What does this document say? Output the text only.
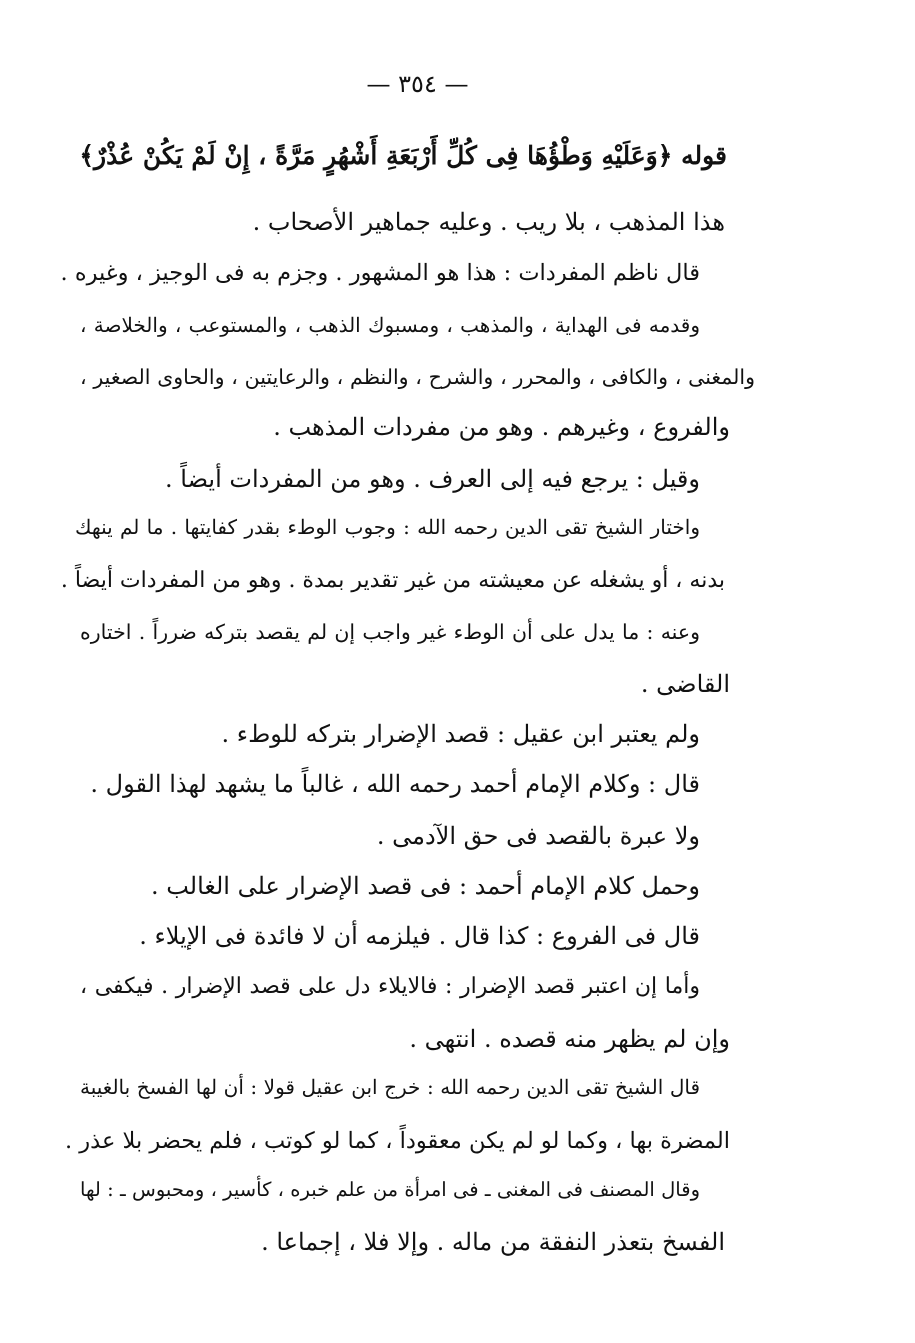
— ٣٥٤ —
قوله ﴿وَعَلَيْهِ وَطْؤُهَا فِى كُلِّ أَرْبَعَةِ أَشْهُرٍ مَرَّةً ، إِنْ لَمْ يَكُنْ عُذْرٌ﴾
هذا المذهب ، بلا ريب . وعليه جماهير الأصحاب .
قال ناظم المفردات : هذا هو المشهور . وجزم به فى الوجيز ، وغيره .
وقدمه فى الهداية ، والمذهب ، ومسبوك الذهب ، والمستوعب ، والخلاصة ،
والمغنى ، والكافى ، والمحرر ، والشرح ، والنظم ، والرعايتين ، والحاوى الصغير ،
والفروع ، وغيرهم . وهو من مفردات المذهب .
وقيل : يرجع فيه إلى العرف . وهو من المفردات أيضاً .
واختار الشيخ تقى الدين رحمه الله : وجوب الوطء بقدر كفايتها . ما لم ينهك
بدنه ، أو يشغله عن معيشته من غير تقدير بمدة . وهو من المفردات أيضاً .
وعنه : ما يدل على أن الوطء غير واجب إن لم يقصد بتركه ضرراً . اختاره
القاضى .
ولم يعتبر ابن عقيل : قصد الإضرار بتركه للوطء .
قال : وكلام الإمام أحمد رحمه الله ، غالباً ما يشهد لهذا القول .
ولا عبرة بالقصد فى حق الآدمى .
وحمل كلام الإمام أحمد : فى قصد الإضرار على الغالب .
قال فى الفروع : كذا قال . فيلزمه أن لا فائدة فى الإيلاء .
وأما إن اعتبر قصد الإضرار : فالايلاء دل على قصد الإضرار . فيكفى ،
وإن لم يظهر منه قصده . انتهى .
قال الشيخ تقى الدين رحمه الله : خرج ابن عقيل قولا : أن لها الفسخ بالغيبة
المضرة بها ، وكما لو لم يكن معقوداً ، كما لو كوتب ، فلم يحضر بلا عذر .
وقال المصنف فى المغنى ـ فى امرأة من علم خبره ، كأسير ، ومحبوس ـ : لها
الفسخ بتعذر النفقة من ماله . وإلا فلا ، إجماعا .
